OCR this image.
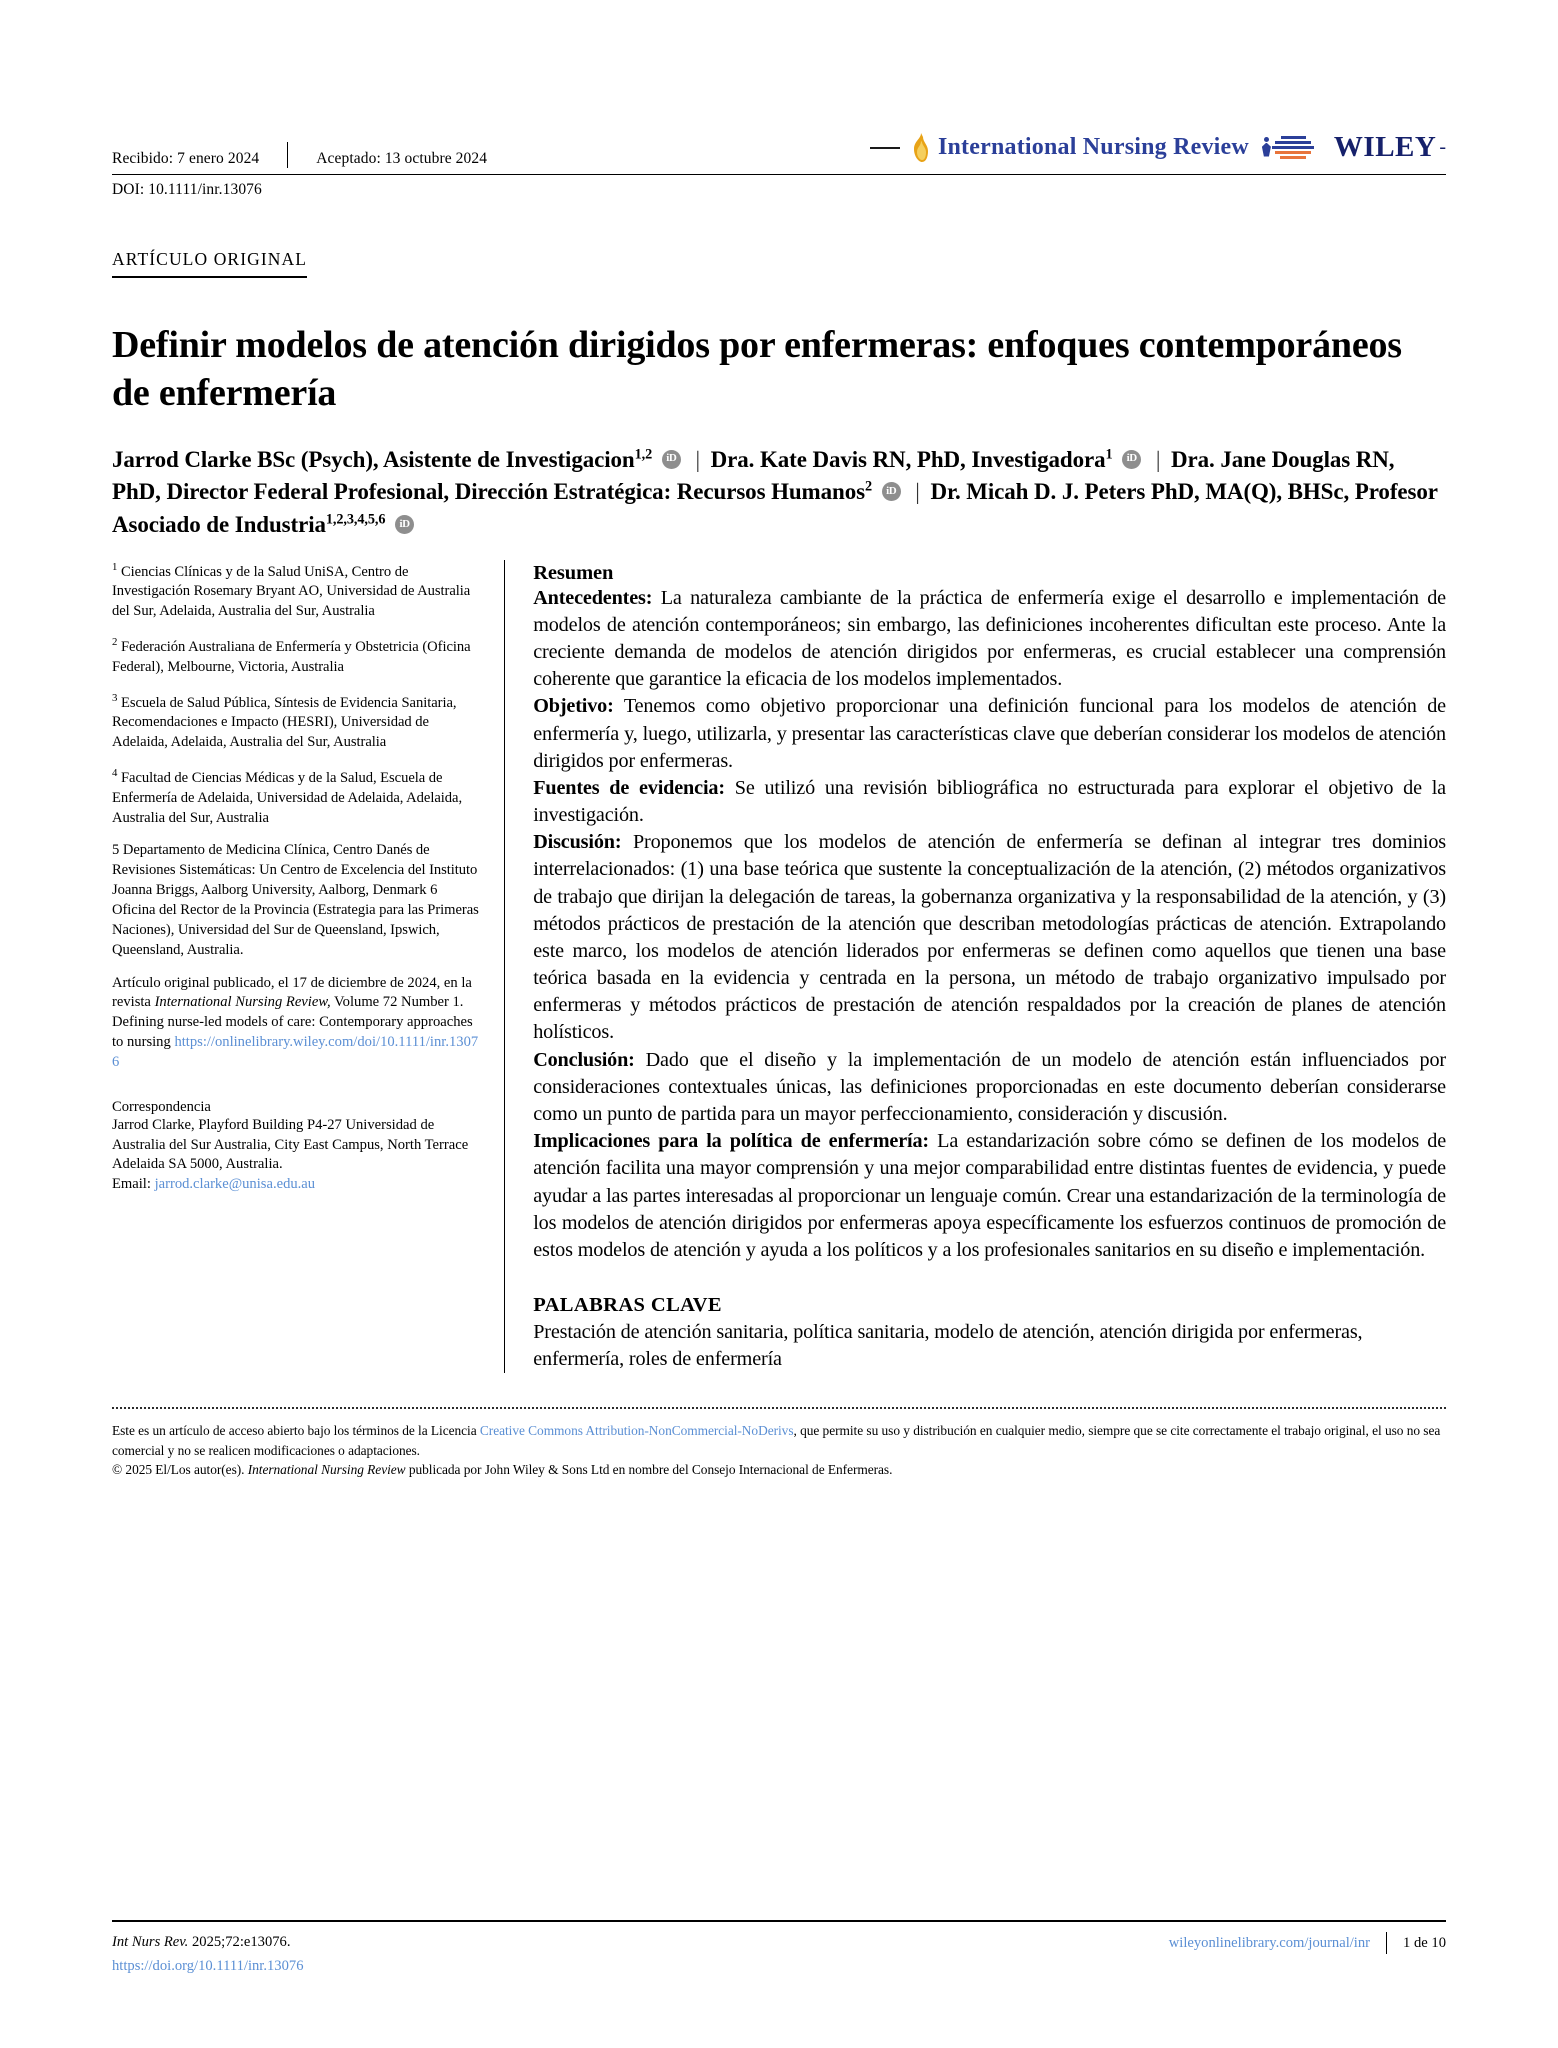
Recibido: 7 enero 2024	Aceptado: 13 octubre 2024	International Nursing Review	WILEY -
DOI: 10.1111/inr.13076
ARTÍCULO ORIGINAL
Definir modelos de atención dirigidos por enfermeras: enfoques contemporáneos de enfermería
Jarrod Clarke BSc (Psych), Asistente de Investigacion$^{1,2}$ iD | Dra. Kate Davis RN, PhD, Investigadora$^1$ iD | Dra. Jane Douglas RN, PhD, Director Federal Profesional, Dirección Estratégica: Recursos Humanos$^2$ iD | Dr. Micah D. J. Peters PhD, MA(Q), BHSc, Profesor Asociado de Industria$^{1,2,3,4,5,6}$ iD
$^1$ Ciencias Clínicas y de la Salud UniSA, Centro de Investigación Rosemary Bryant AO, Universidad de Australia del Sur, Adelaida, Australia del Sur, Australia
$^2$ Federación Australiana de Enfermería y Obstetricia (Oficina Federal), Melbourne, Victoria, Australia
$^3$ Escuela de Salud Pública, Síntesis de Evidencia Sanitaria, Recomendaciones e Impacto (HESRI), Universidad de Adelaida, Adelaida, Australia del Sur, Australia
$^4$ Facultad de Ciencias Médicas y de la Salud, Escuela de Enfermería de Adelaida, Universidad de Adelaida, Adelaida, Australia del Sur, Australia
5 Departamento de Medicina Clínica, Centro Danés de Revisiones Sistemáticas: Un Centro de Excelencia del Instituto Joanna Briggs, Aalborg University, Aalborg, Denmark 6 Oficina del Rector de la Provincia (Estrategia para las Primeras Naciones), Universidad del Sur de Queensland, Ipswich, Queensland, Australia.
Artículo original publicado, el 17 de diciembre de 2024, en la revista International Nursing Review, Volume 72 Number 1. Defining nurse-led models of care: Contemporary approaches to nursing https://onlinelibrary.wiley.com/doi/10.1111/inr.13076
Correspondencia
Jarrod Clarke, Playford Building P4-27 Universidad de Australia del Sur Australia, City East Campus, North Terrace Adelaida SA 5000, Australia.
Email: jarrod.clarke@unisa.edu.au
Resumen

Antecedentes: La naturaleza cambiante de la práctica de enfermería exige el desarrollo e implementación de modelos de atención contemporáneos; sin embargo, las definiciones incoherentes dificultan este proceso. Ante la creciente demanda de modelos de atención dirigidos por enfermeras, es crucial establecer una comprensión coherente que garantice la eficacia de los modelos implementados.

Objetivo: Tenemos como objetivo proporcionar una definición funcional para los modelos de atención de enfermería y, luego, utilizarla, y presentar las características clave que deberían considerar los modelos de atención dirigidos por enfermeras.

Fuentes de evidencia: Se utilizó una revisión bibliográfica no estructurada para explorar el objetivo de la investigación.

Discusión: Proponemos que los modelos de atención de enfermería se definan al integrar tres dominios interrelacionados: (1) una base teórica que sustente la conceptualización de la atención, (2) métodos organizativos de trabajo que dirijan la delegación de tareas, la gobernanza organizativa y la responsabilidad de la atención, y (3) métodos prácticos de prestación de la atención que describan metodologías prácticas de atención. Extrapolando este marco, los modelos de atención liderados por enfermeras se definen como aquellos que tienen una base teórica basada en la evidencia y centrada en la persona, un método de trabajo organizativo impulsado por enfermeras y métodos prácticos de prestación de atención respaldados por la creación de planes de atención holísticos.

Conclusión: Dado que el diseño y la implementación de un modelo de atención están influenciados por consideraciones contextuales únicas, las definiciones proporcionadas en este documento deberían considerarse como un punto de partida para un mayor perfeccionamiento, consideración y discusión.

Implicaciones para la política de enfermería: La estandarización sobre cómo se definen de los modelos de atención facilita una mayor comprensión y una mejor comparabilidad entre distintas fuentes de evidencia, y puede ayudar a las partes interesadas al proporcionar un lenguaje común. Crear una estandarización de la terminología de los modelos de atención dirigidos por enfermeras apoya específicamente los esfuerzos continuos de promoción de estos modelos de atención y ayuda a los políticos y a los profesionales sanitarios en su diseño e implementación.

PALABRAS CLAVE
Prestación de atención sanitaria, política sanitaria, modelo de atención, atención dirigida por enfermeras, enfermería, roles de enfermería
Este es un artículo de acceso abierto bajo los términos de la Licencia Creative Commons Attribution-NonCommercial-NoDerivs, que permite su uso y distribución en cualquier medio, siempre que se cite correctamente el trabajo original, el uso no sea comercial y no se realicen modificaciones o adaptaciones.
© 2025 El/Los autor(es). International Nursing Review publicada por John Wiley & Sons Ltd en nombre del Consejo Internacional de Enfermeras.
Int Nurs Rev. 2025;72:e13076.
https://doi.org/10.1111/inr.13076
wileyonlinelibrary.com/journal/inr 1 de 10
